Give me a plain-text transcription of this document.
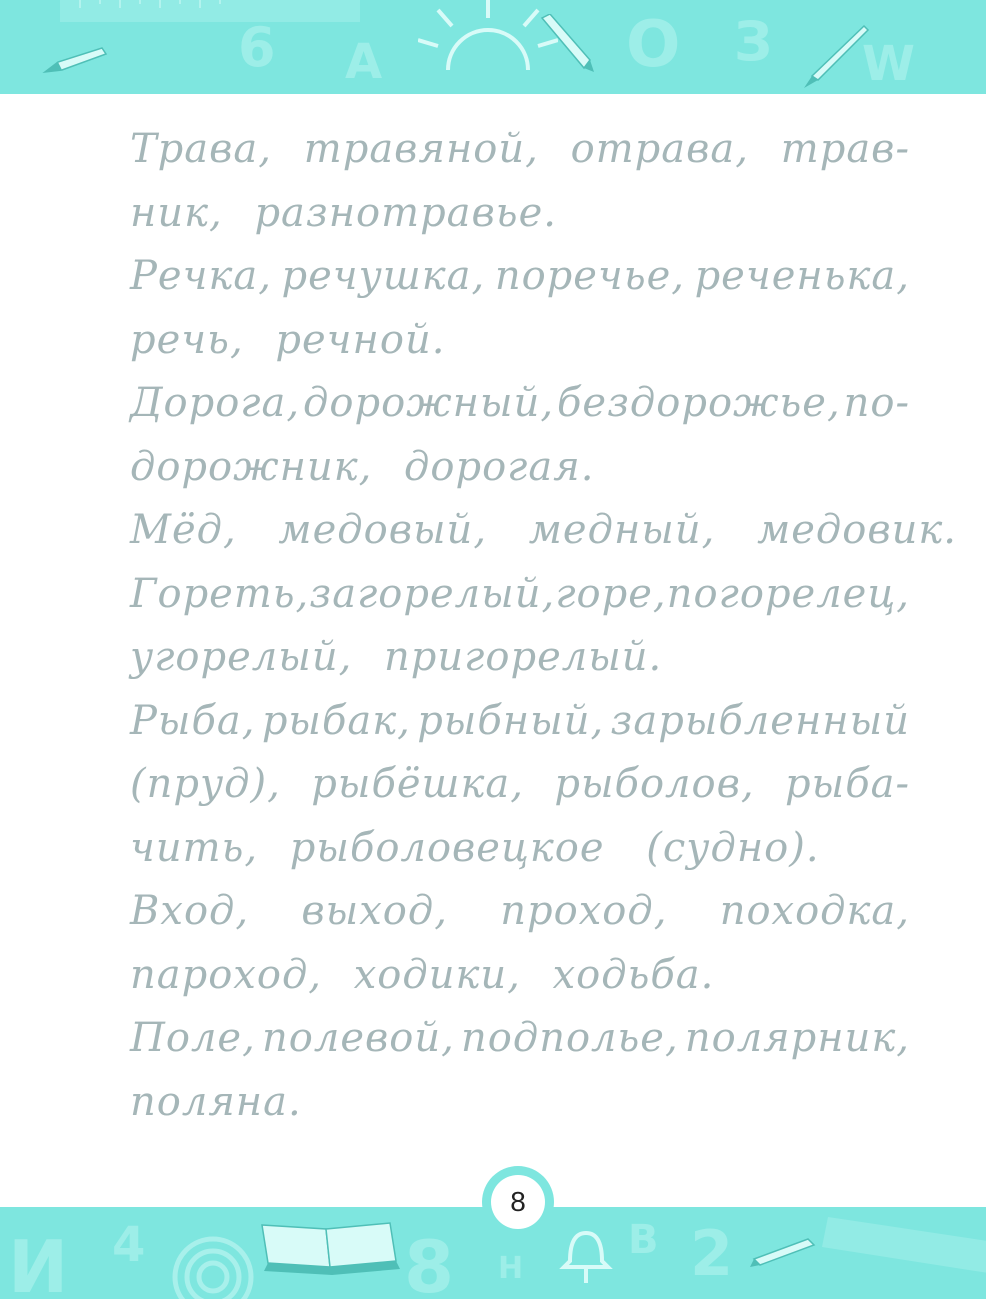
6 А	О З W
Трава, травяной, отрава, трав-
ник, разнотравье.
Речка, речушка, поречье, реченька,
речь, речной.
Дорога, дорожный, бездорожье, по-
дорожник, дорогая.
Мёд, медовый, медный, медовик.
Гореть, загорелый, горе, погорелец,
угорелый, пригорелый.
Рыба, рыбак, рыбный, зарыбленный
(пруд), рыбёшка, рыболов, рыба-
чить, рыболовецкое (судно).
Вход, выход, проход, походка,
пароход, ходики, ходьба.
Поле, полевой, подполье, полярник,
поляна.
И 4	8 Н
В 2
8
